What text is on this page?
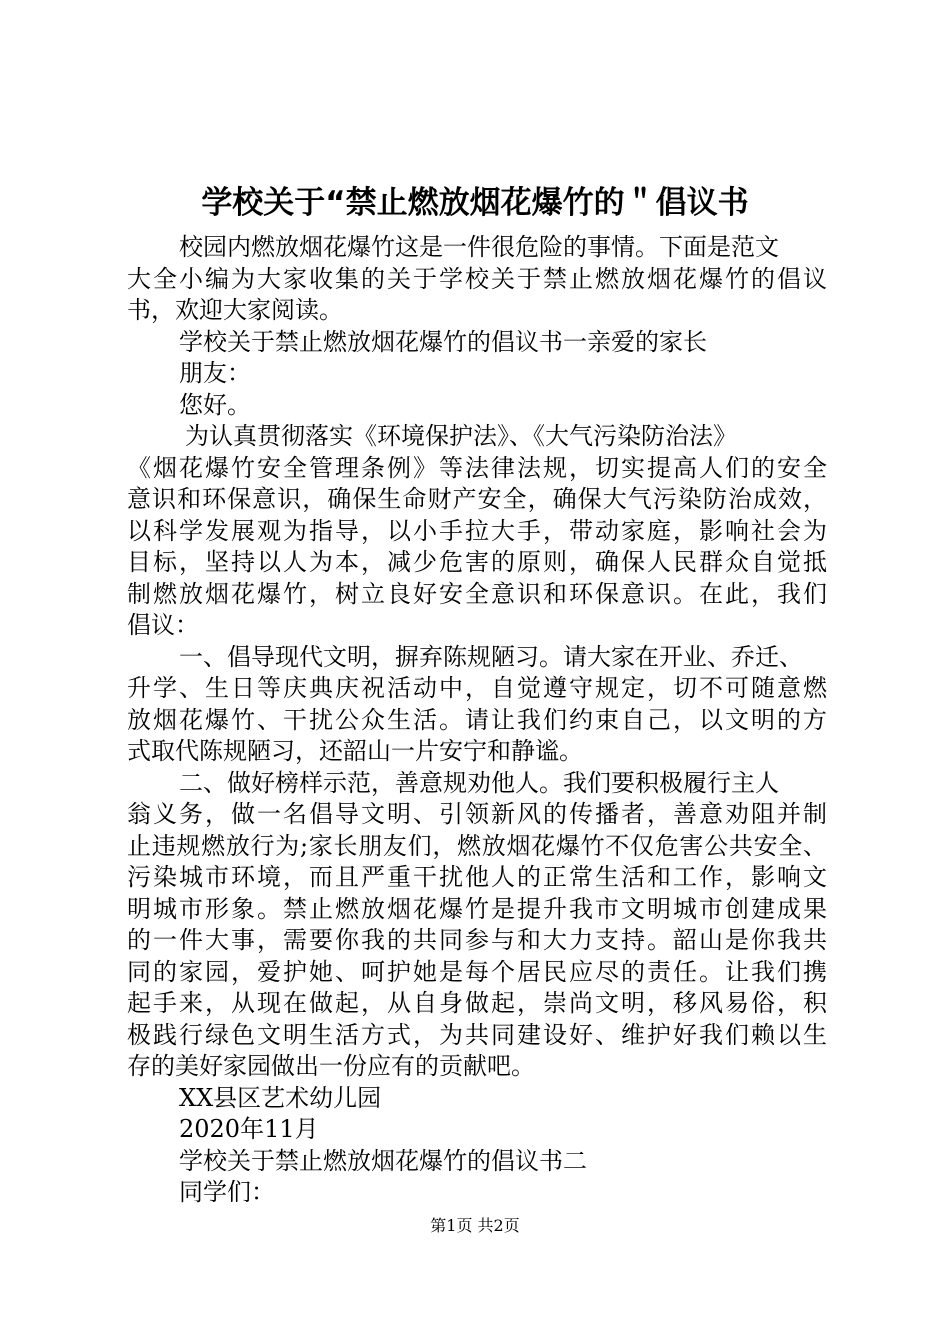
学校关于“禁止燃放烟花爆竹的＂倡议书
校园内燃放烟花爆竹这是一件很危险的事情。下面是范文
大全小编为大家收集的关于学校关于禁止燃放烟花爆竹的倡议
书，欢迎大家阅读。
学校关于禁止燃放烟花爆竹的倡议书一亲爱的家长
朋友：
您好。
为认真贯彻落实《环境保护法》、《大气污染防治法》
《烟花爆竹安全管理条例》等法律法规，切实提高人们的安全
意识和环保意识，确保生命财产安全，确保大气污染防治成效，
以科学发展观为指导，以小手拉大手，带动家庭，影响社会为
目标，坚持以人为本，减少危害的原则，确保人民群众自觉抵
制燃放烟花爆竹，树立良好安全意识和环保意识。在此，我们
倡议：
一、倡导现代文明，摒弃陈规陋习。请大家在开业、乔迁、
升学、生日等庆典庆祝活动中，自觉遵守规定，切不可随意燃
放烟花爆竹、干扰公众生活。请让我们约束自己，以文明的方
式取代陈规陋习，还韶山一片安宁和静谧。
二、做好榜样示范，善意规劝他人。我们要积极履行主人
翁义务，做一名倡导文明、引领新风的传播者，善意劝阻并制
止违规燃放行为;家长朋友们，燃放烟花爆竹不仅危害公共安全、
污染城市环境，而且严重干扰他人的正常生活和工作，影响文
明城市形象。禁止燃放烟花爆竹是提升我市文明城市创建成果
的一件大事，需要你我的共同参与和大力支持。韶山是你我共
同的家园，爱护她、呵护她是每个居民应尽的责任。让我们携
起手来，从现在做起，从自身做起，崇尚文明，移风易俗，积
极践行绿色文明生活方式，为共同建设好、维护好我们赖以生
存的美好家园做出一份应有的贡献吧。
XX县区艺术幼儿园
2020年11月
学校关于禁止燃放烟花爆竹的倡议书二
同学们：
第1页 共2页
